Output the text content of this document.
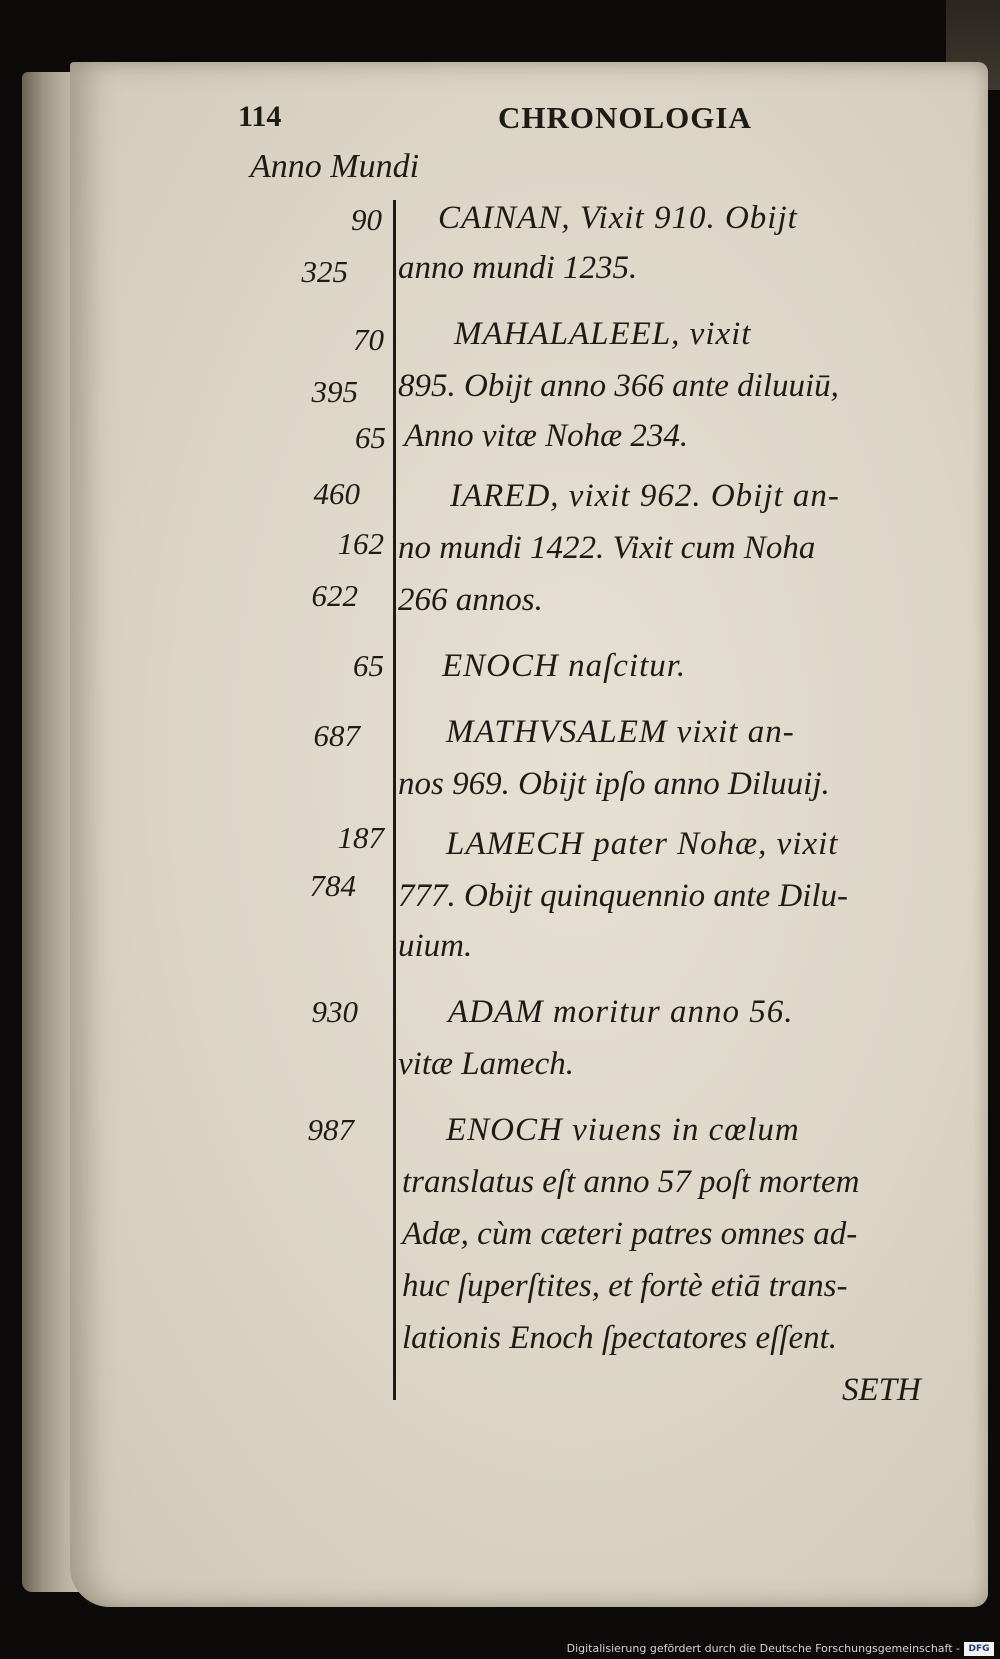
114	CHRONOLOGIA
Anno Mundi
90
325
70
395
65
460
162
622
65
687
187
784
930
987
CAINAN, Vixit 910. Obijt
anno mundi 1235.
MAHALALEEL, vixit
895. Obijt anno 366 ante diluuiū,
Anno vitæ Nohæ 234.
IARED, vixit 962. Obijt an-
no mundi 1422. Vixit cum Noha
266 annos.
ENOCH naſcitur.
MATHVSALEM vixit an-
nos 969. Obijt ipſo anno Diluuij.
LAMECH pater Nohæ, vixit
777. Obijt quinquennio ante Dilu-
uium.
ADAM moritur anno 56.
vitæ Lamech.
ENOCH viuens in cœlum
translatus eſt anno 57 poſt mortem
Adæ, cùm cæteri patres omnes ad-
huc ſuperſtites, et fortè etiā trans-
lationis Enoch ſpectatores eſſent.
SETH
Digitalisierung gefördert durch die Deutsche Forschungsgemeinschaft - DFG
